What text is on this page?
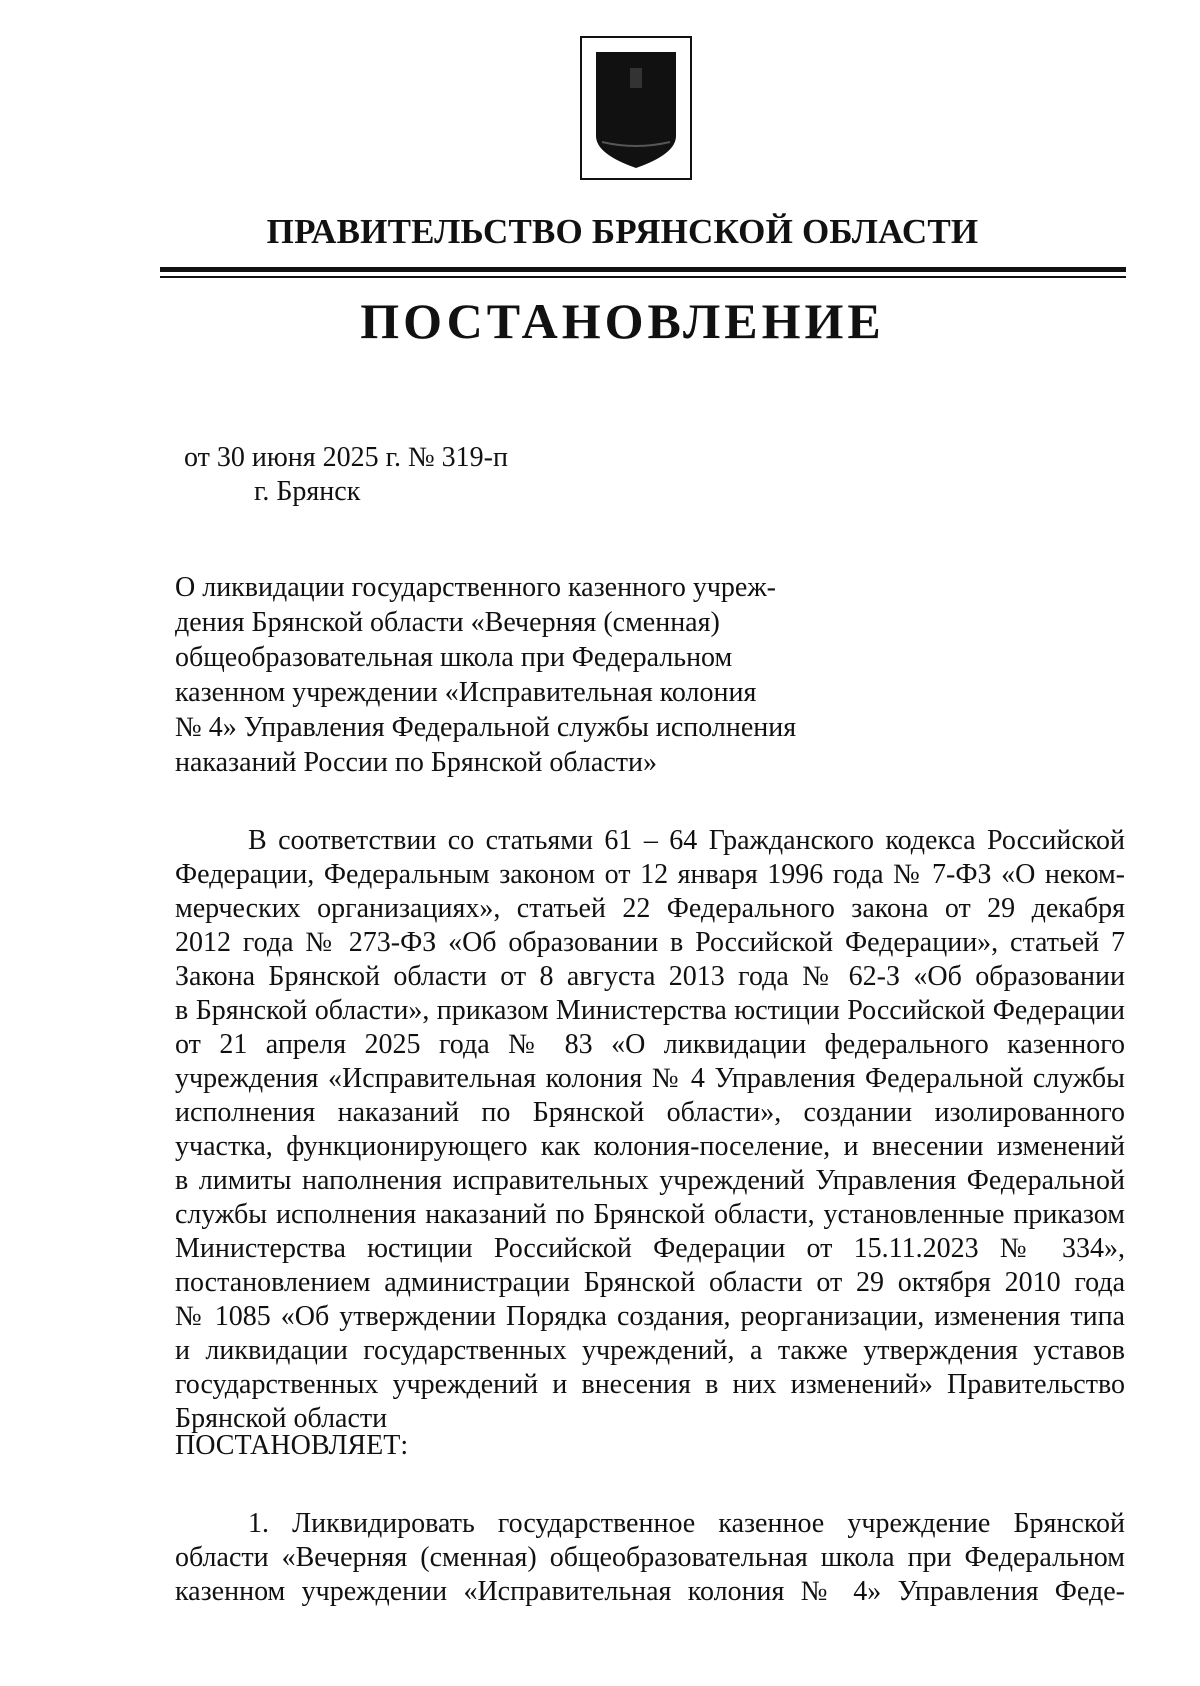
ПРАВИТЕЛЬСТВО БРЯНСКОЙ ОБЛАСТИ
ПОСТАНОВЛЕНИЕ
от 30 июня 2025 г. № 319-п
г. Брянск
О ликвидации государственного казенного учреж-
дения Брянской области «Вечерняя (сменная)
общеобразовательная школа при Федеральном
казенном учреждении «Исправительная колония
№ 4» Управления Федеральной службы исполнения
наказаний России по Брянской области»
В соответствии со статьями 61 – 64 Гражданского кодекса Российской
Федерации, Федеральным законом от 12 января 1996 года № 7-ФЗ «О неком-
мерческих организациях», статьей 22 Федерального закона от 29 декабря
2012 года № 273-ФЗ «Об образовании в Российской Федерации», статьей 7
Закона Брянской области от 8 августа 2013 года № 62-З «Об образовании
в Брянской области», приказом Министерства юстиции Российской Федерации
от 21 апреля 2025 года № 83 «О ликвидации федерального казенного
учреждения «Исправительная колония № 4 Управления Федеральной службы
исполнения наказаний по Брянской области», создании изолированного
участка, функционирующего как колония-поселение, и внесении изменений
в лимиты наполнения исправительных учреждений Управления Федеральной
службы исполнения наказаний по Брянской области, установленные приказом
Министерства юстиции Российской Федерации от 15.11.2023 № 334»,
постановлением администрации Брянской области от 29 октября 2010 года
№ 1085 «Об утверждении Порядка создания, реорганизации, изменения типа
и ликвидации государственных учреждений, а также утверждения уставов
государственных учреждений и внесения в них изменений» Правительство
Брянской области
ПОСТАНОВЛЯЕТ:
1. Ликвидировать государственное казенное учреждение Брянской
области «Вечерняя (сменная) общеобразовательная школа при Федеральном
казенном учреждении «Исправительная колония № 4» Управления Феде-
